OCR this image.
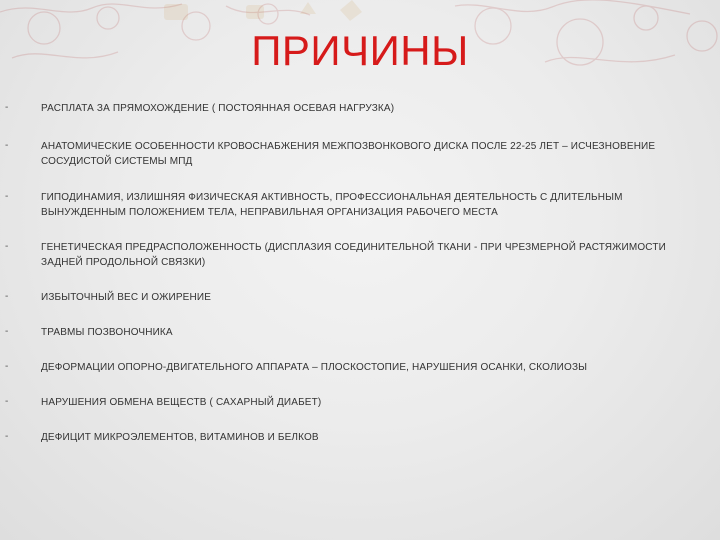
ПРИЧИНЫ
-	РАСПЛАТА ЗА ПРЯМОХОЖДЕНИЕ ( ПОСТОЯННАЯ ОСЕВАЯ НАГРУЗКА)
-	АНАТОМИЧЕСКИЕ ОСОБЕННОСТИ КРОВОСНАБЖЕНИЯ МЕЖПОЗВОНКОВОГО ДИСКА ПОСЛЕ 22-25 ЛЕТ – ИСЧЕЗНОВЕНИЕ СОСУДИСТОЙ СИСТЕМЫ МПД
-	ГИПОДИНАМИЯ, ИЗЛИШНЯЯ ФИЗИЧЕСКАЯ АКТИВНОСТЬ, ПРОФЕССИОНАЛЬНАЯ ДЕЯТЕЛЬНОСТЬ С ДЛИТЕЛЬНЫМ ВЫНУЖДЕННЫМ ПОЛОЖЕНИЕМ ТЕЛА, НЕПРАВИЛЬНАЯ ОРГАНИЗАЦИЯ РАБОЧЕГО МЕСТА
-	ГЕНЕТИЧЕСКАЯ ПРЕДРАСПОЛОЖЕННОСТЬ (ДИСПЛАЗИЯ СОЕДИНИТЕЛЬНОЙ ТКАНИ - ПРИ ЧРЕЗМЕРНОЙ РАСТЯЖИМОСТИ ЗАДНЕЙ ПРОДОЛЬНОЙ СВЯЗКИ)
-	ИЗБЫТОЧНЫЙ ВЕС И ОЖИРЕНИЕ
-	ТРАВМЫ ПОЗВОНОЧНИКА
-	ДЕФОРМАЦИИ ОПОРНО-ДВИГАТЕЛЬНОГО АППАРАТА – ПЛОСКОСТОПИЕ, НАРУШЕНИЯ ОСАНКИ, СКОЛИОЗЫ
-	НАРУШЕНИЯ ОБМЕНА ВЕЩЕСТВ ( САХАРНЫЙ ДИАБЕТ)
-	ДЕФИЦИТ МИКРОЭЛЕМЕНТОВ, ВИТАМИНОВ И БЕЛКОВ
